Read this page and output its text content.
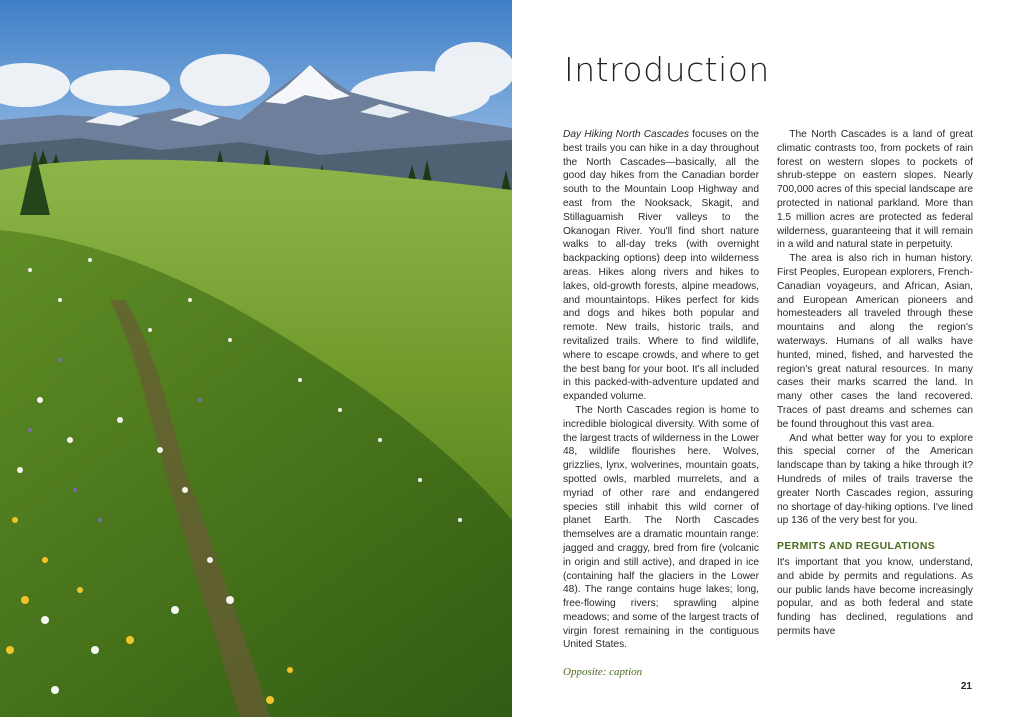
Introduction

Day Hiking North Cascades focuses on the best trails you can hike in a day throughout the North Cascades—basically, all the good day hikes from the Canadian border south to the Mountain Loop Highway and east from the Nooksack, Skagit, and Stillaguamish River valleys to the Okanogan River. You'll find short nature walks to all-day treks (with overnight backpacking options) deep into wilderness areas. Hikes along rivers and hikes to lakes, old-growth forests, alpine meadows, and mountaintops. Hikes perfect for kids and dogs and hikes both popular and remote. New trails, historic trails, and revitalized trails. Where to find wildlife, where to escape crowds, and where to get the best bang for your boot. It's all included in this packed-with-adventure updated and expanded volume.

The North Cascades region is home to incredible biological diversity. With some of the largest tracts of wilderness in the Lower 48, wildlife flourishes here. Wolves, grizzlies, lynx, wolverines, mountain goats, spotted owls, marbled murrelets, and a myriad of other rare and endangered species still inhabit this wild corner of planet Earth. The North Cascades themselves are a dramatic mountain range: jagged and craggy, bred from fire (volcanic in origin and still active), and draped in ice (containing half the glaciers in the Lower 48). The range contains huge lakes; long, free-flowing rivers; sprawling alpine meadows; and some of the largest tracts of virgin forest remaining in the contiguous United States.

The North Cascades is a land of great climatic contrasts too, from pockets of rain forest on western slopes to pockets of shrub-steppe on eastern slopes. Nearly 700,000 acres of this special landscape are protected in national parkland. More than 1.5 million acres are protected as federal wilderness, guaranteeing that it will remain in a wild and natural state in perpetuity.

The area is also rich in human history. First Peoples, European explorers, French-Canadian voyageurs, and African, Asian, and European American pioneers and homesteaders all traveled through these mountains and along the region's waterways. Humans of all walks have hunted, mined, fished, and harvested the region's great natural resources. In many cases their marks scarred the land. In many other cases the land recovered. Traces of past dreams and schemes can be found throughout this vast area.

And what better way for you to explore this special corner of the American landscape than by taking a hike through it? Hundreds of miles of trails traverse the greater North Cascades region, assuring no shortage of day-hiking options. I've lined up 136 of the very best for you.

PERMITS AND REGULATIONS

It's important that you know, understand, and abide by permits and regulations. As our public lands have become increasingly popular, and as both federal and state funding has declined, regulations and permits have

Opposite: caption
21
